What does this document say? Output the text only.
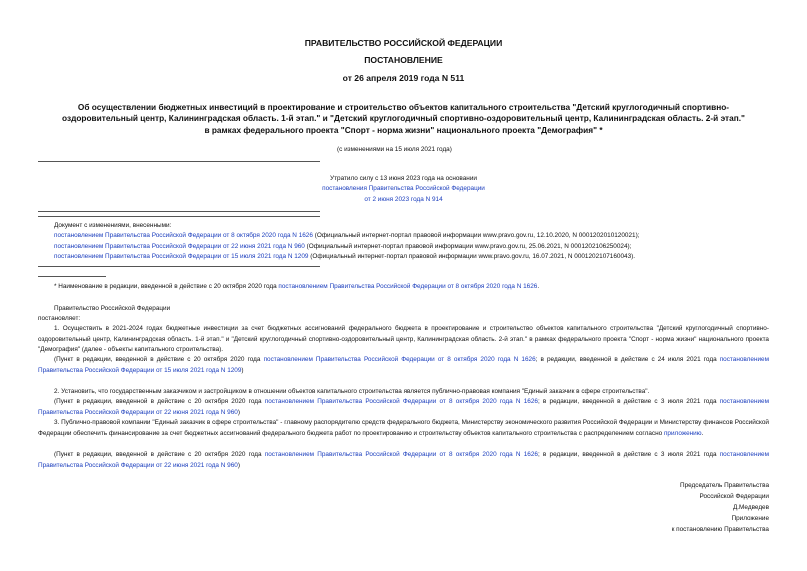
ПРАВИТЕЛЬСТВО РОССИЙСКОЙ ФЕДЕРАЦИИ
ПОСТАНОВЛЕНИЕ
от 26 апреля 2019 года N 511
Об осуществлении бюджетных инвестиций в проектирование и строительство объектов капитального строительства "Детский круглогодичный спортивно-
оздоровительный центр, Калининградская область. 1-й этап." и "Детский круглогодичный спортивно-оздоровительный центр, Калининградская область. 2-й этап."
в рамках федерального проекта "Спорт - норма жизни" национального проекта "Демография" *
(с изменениями на 15 июля 2021 года)
Утратило силу с 13 июня 2023 года на основании
постановления Правительства Российской Федерации
от 2 июня 2023 года N 914
Документ с изменениями, внесенными:
постановлением Правительства Российской Федерации от 8 октября 2020 года N 1626 (Официальный интернет-портал правовой информации www.pravo.gov.ru, 12.10.2020, N 0001202010120021);
постановлением Правительства Российской Федерации от 22 июня 2021 года N 960 (Официальный интернет-портал правовой информации www.pravo.gov.ru, 25.06.2021, N 0001202106250024);
постановлением Правительства Российской Федерации от 15 июля 2021 года N 1209 (Официальный интернет-портал правовой информации www.pravo.gov.ru, 16.07.2021, N 0001202107160043).
* Наименование в редакции, введенной в действие с 20 октября 2020 года постановлением Правительства Российской Федерации от 8 октября 2020 года N 1626.
Правительство Российской Федерации
постановляет:
1. Осуществить в 2021-2024 годах бюджетные инвестиции за счет бюджетных ассигнований федерального бюджета в проектирование и строительство объектов капитального строительства "Детский круглогодичный спортивно-оздоровительный центр, Калининградская область. 1-й этап." и "Детский круглогодичный спортивно-оздоровительный центр, Калининградская область. 2-й этап." в рамках федерального проекта "Спорт - норма жизни" национального проекта "Демография" (далее - объекты капитального строительства).
(Пункт в редакции, введенной в действие с 20 октября 2020 года постановлением Правительства Российской Федерации от 8 октября 2020 года N 1626; в редакции, введенной в действие с 24 июля 2021 года постановлением Правительства Российской Федерации от 15 июля 2021 года N 1209)
2. Установить, что государственным заказчиком и застройщиком в отношении объектов капитального строительства является публично-правовая компания "Единый заказчик в сфере строительства".
(Пункт в редакции, введенной в действие с 20 октября 2020 года постановлением Правительства Российской Федерации от 8 октября 2020 года N 1626; в редакции, введенной в действие с 3 июля 2021 года постановлением Правительства Российской Федерации от 22 июня 2021 года N 960)
3. Публично-правовой компании "Единый заказчик в сфере строительства" - главному распорядителю средств федерального бюджета, Министерству экономического развития Российской Федерации и Министерству финансов Российской Федерации обеспечить финансирование за счет бюджетных ассигнований федерального бюджета работ по проектированию и строительству объектов капитального строительства с распределением согласно приложению.
(Пункт в редакции, введенной в действие с 20 октября 2020 года постановлением Правительства Российской Федерации от 8 октября 2020 года N 1626; в редакции, введенной в действие с 3 июля 2021 года постановлением Правительства Российской Федерации от 22 июня 2021 года N 960)
Председатель Правительства
Российской Федерации
Д.Медведев
Приложение
к постановлению Правительства
